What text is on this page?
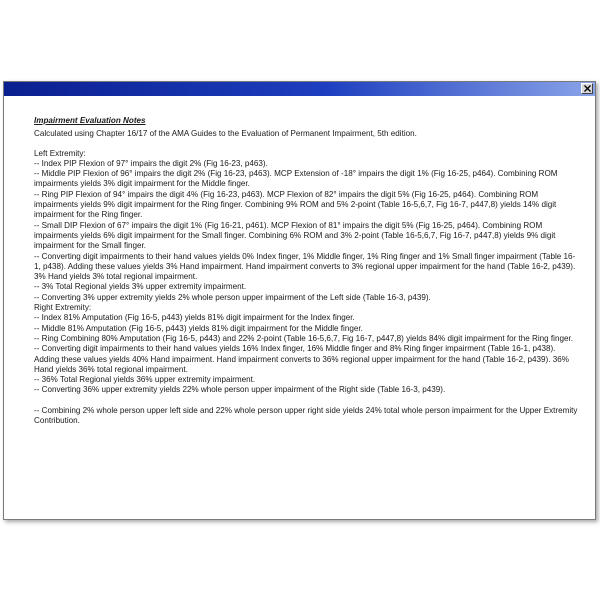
Impairment Evaluation Notes

Calculated using Chapter 16/17 of the AMA Guides to the Evaluation of Permanent Impairment, 5th edition.

Left Extremity:

-- Index PIP Flexion of 97° impairs the digit 2% (Fig 16-23, p463).

-- Middle PIP Flexion of 96° impairs the digit 2% (Fig 16-23, p463). MCP Extension of -18° impairs the digit 1% (Fig 16-25, p464). Combining ROM impairments yields 3% digit impairment for the Middle finger.

-- Ring PIP Flexion of 94° impairs the digit 4% (Fig 16-23, p463). MCP Flexion of 82° impairs the digit 5% (Fig 16-25, p464). Combining ROM impairments yields 9% digit impairment for the Ring finger. Combining 9% ROM and 5% 2-point (Table 16-5,6,7, Fig 16-7, p447,8) yields 14% digit impairment for the Ring finger.

-- Small DIP Flexion of 67° impairs the digit 1% (Fig 16-21, p461). MCP Flexion of 81° impairs the digit 5% (Fig 16-25, p464). Combining ROM impairments yields 6% digit impairment for the Small finger. Combining 6% ROM and 3% 2-point (Table 16-5,6,7, Fig 16-7, p447,8) yields 9% digit impairment for the Small finger.

-- Converting digit impairments to their hand values yields 0% Index finger, 1% Middle finger, 1% Ring finger and 1% Small finger impairment (Table 16-1, p438). Adding these values yields 3% Hand impairment. Hand impairment converts to 3% regional upper impairment for the hand (Table 16-2, p439). 3% Hand yields 3% total regional impairment.

-- 3% Total Regional yields 3% upper extremity impairment.

-- Converting 3% upper extremity yields 2% whole person upper impairment of the Left side (Table 16-3, p439).

Right Extremity:

-- Index 81% Amputation (Fig 16-5, p443) yields 81% digit impairment for the Index finger.

-- Middle 81% Amputation (Fig 16-5, p443) yields 81% digit impairment for the Middle finger.

-- Ring Combining 80% Amputation (Fig 16-5, p443) and 22% 2-point (Table 16-5,6,7, Fig 16-7, p447,8) yields 84% digit impairment for the Ring finger.

-- Converting digit impairments to their hand values yields 16% Index finger, 16% Middle finger and 8% Ring finger impairment (Table 16-1, p438). Adding these values yields 40% Hand impairment. Hand impairment converts to 36% regional upper impairment for the hand (Table 16-2, p439). 36% Hand yields 36% total regional impairment.

-- 36% Total Regional yields 36% upper extremity impairment.

-- Converting 36% upper extremity yields 22% whole person upper impairment of the Right side (Table 16-3, p439).

-- Combining 2% whole person upper left side and 22% whole person upper right side yields 24% total whole person impairment for the Upper Extremity Contribution.
